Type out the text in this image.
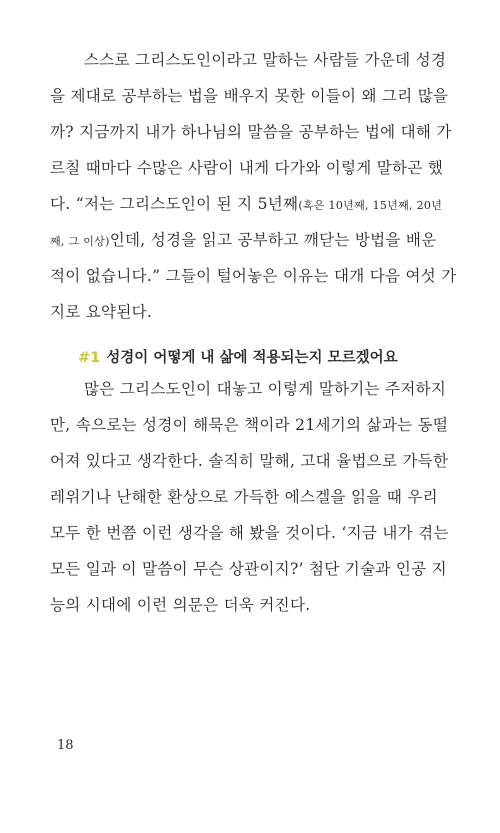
스스로 그리스도인이라고 말하는 사람들 가운데 성경
을 제대로 공부하는 법을 배우지 못한 이들이 왜 그리 많을
까? 지금까지 내가 하나님의 말씀을 공부하는 법에 대해 가
르칠 때마다 수많은 사람이 내게 다가와 이렇게 말하곤 했
다. “저는 그리스도인이 된 지 5년째(혹은 10년째, 15년째, 20년
째, 그 이상)인데, 성경을 읽고 공부하고 깨닫는 방법을 배운
적이 없습니다.” 그들이 털어놓은 이유는 대개 다음 여섯 가
지로 요약된다.
#1 성경이 어떻게 내 삶에 적용되는지 모르겠어요
많은 그리스도인이 대놓고 이렇게 말하기는 주저하지
만, 속으로는 성경이 해묵은 책이라 21세기의 삶과는 동떨
어져 있다고 생각한다. 솔직히 말해, 고대 율법으로 가득한
레위기나 난해한 환상으로 가득한 에스겔을 읽을 때 우리
모두 한 번쯤 이런 생각을 해 봤을 것이다. ‘지금 내가 겪는
모든 일과 이 말씀이 무슨 상관이지?’ 첨단 기술과 인공 지
능의 시대에 이런 의문은 더욱 커진다.
18
